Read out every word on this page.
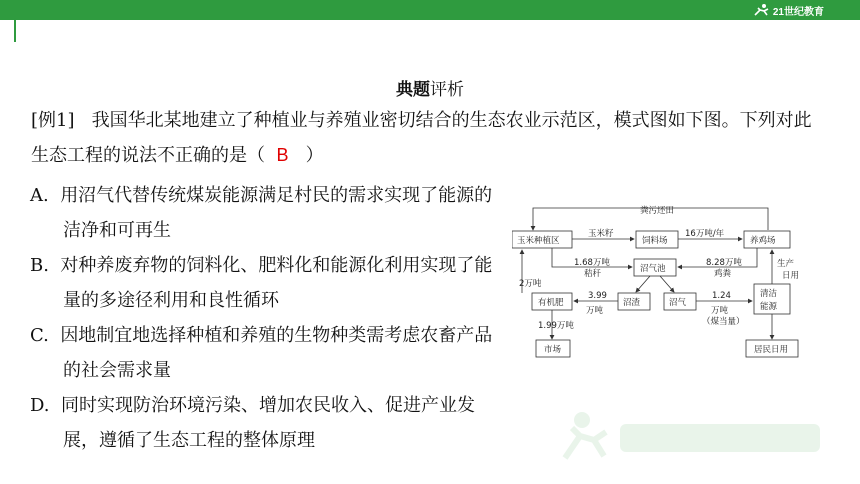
21世纪教育
典题评析
[例1] 我国华北某地建立了种植业与养殖业密切结合的生态农业示范区，模式图如下图。下列对此生态工程的说法不正确的是（ B ）
A. 用沼气代替传统煤炭能源满足村民的需求实现了能源的洁净和可再生
B. 对种养废弃物的饲料化、肥料化和能源化利用实现了能量的多途径利用和良性循环
C. 因地制宜地选择种植和养殖的生物种类需考虑农畜产品的社会需求量
D. 同时实现防治环境污染、增加农民收入、促进产业发展，遵循了生态工程的整体原理
粪污还田
玉米种植区	饲料场	养鸡场
玉米籽	16万吨/年
沼气池
1.68万吨
秸秆
8.28万吨
鸡粪
2万吨
有机肥	沼渣	沼气
清洁
能源
3.99
万吨
1.24
万吨
（煤当量）
生产
日用
1.99万吨
市场	居民日用
